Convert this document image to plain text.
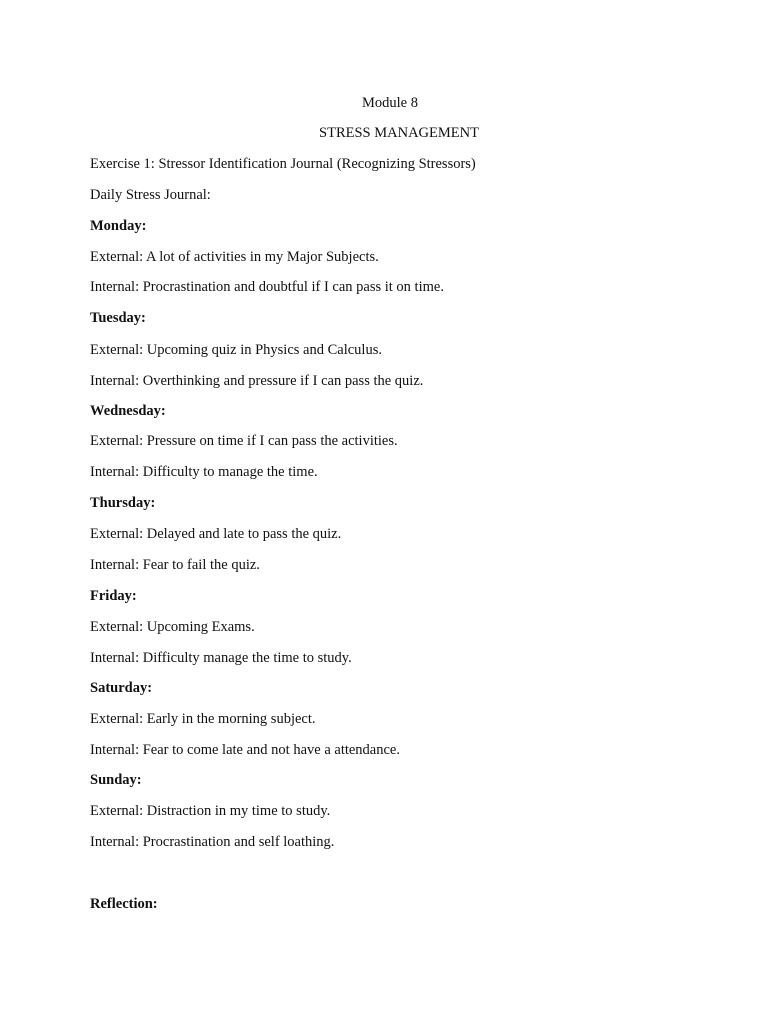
Module 8
STRESS MANAGEMENT
Exercise 1: Stressor Identification Journal (Recognizing Stressors)
Daily Stress Journal:
Monday:
External: A lot of activities in my Major Subjects.
Internal: Procrastination and doubtful if I can pass it on time.
Tuesday:
External: Upcoming quiz in Physics and Calculus.
Internal: Overthinking and pressure if I can pass the quiz.
Wednesday:
External: Pressure on time if I can pass the activities.
Internal: Difficulty to manage the time.
Thursday:
External: Delayed and late to pass the quiz.
Internal: Fear to fail the quiz.
Friday:
External: Upcoming Exams.
Internal: Difficulty manage the time to study.
Saturday:
External: Early in the morning subject.
Internal: Fear to come late and not have a attendance.
Sunday:
External: Distraction in my time to study.
Internal: Procrastination and self loathing.
Reflection:
